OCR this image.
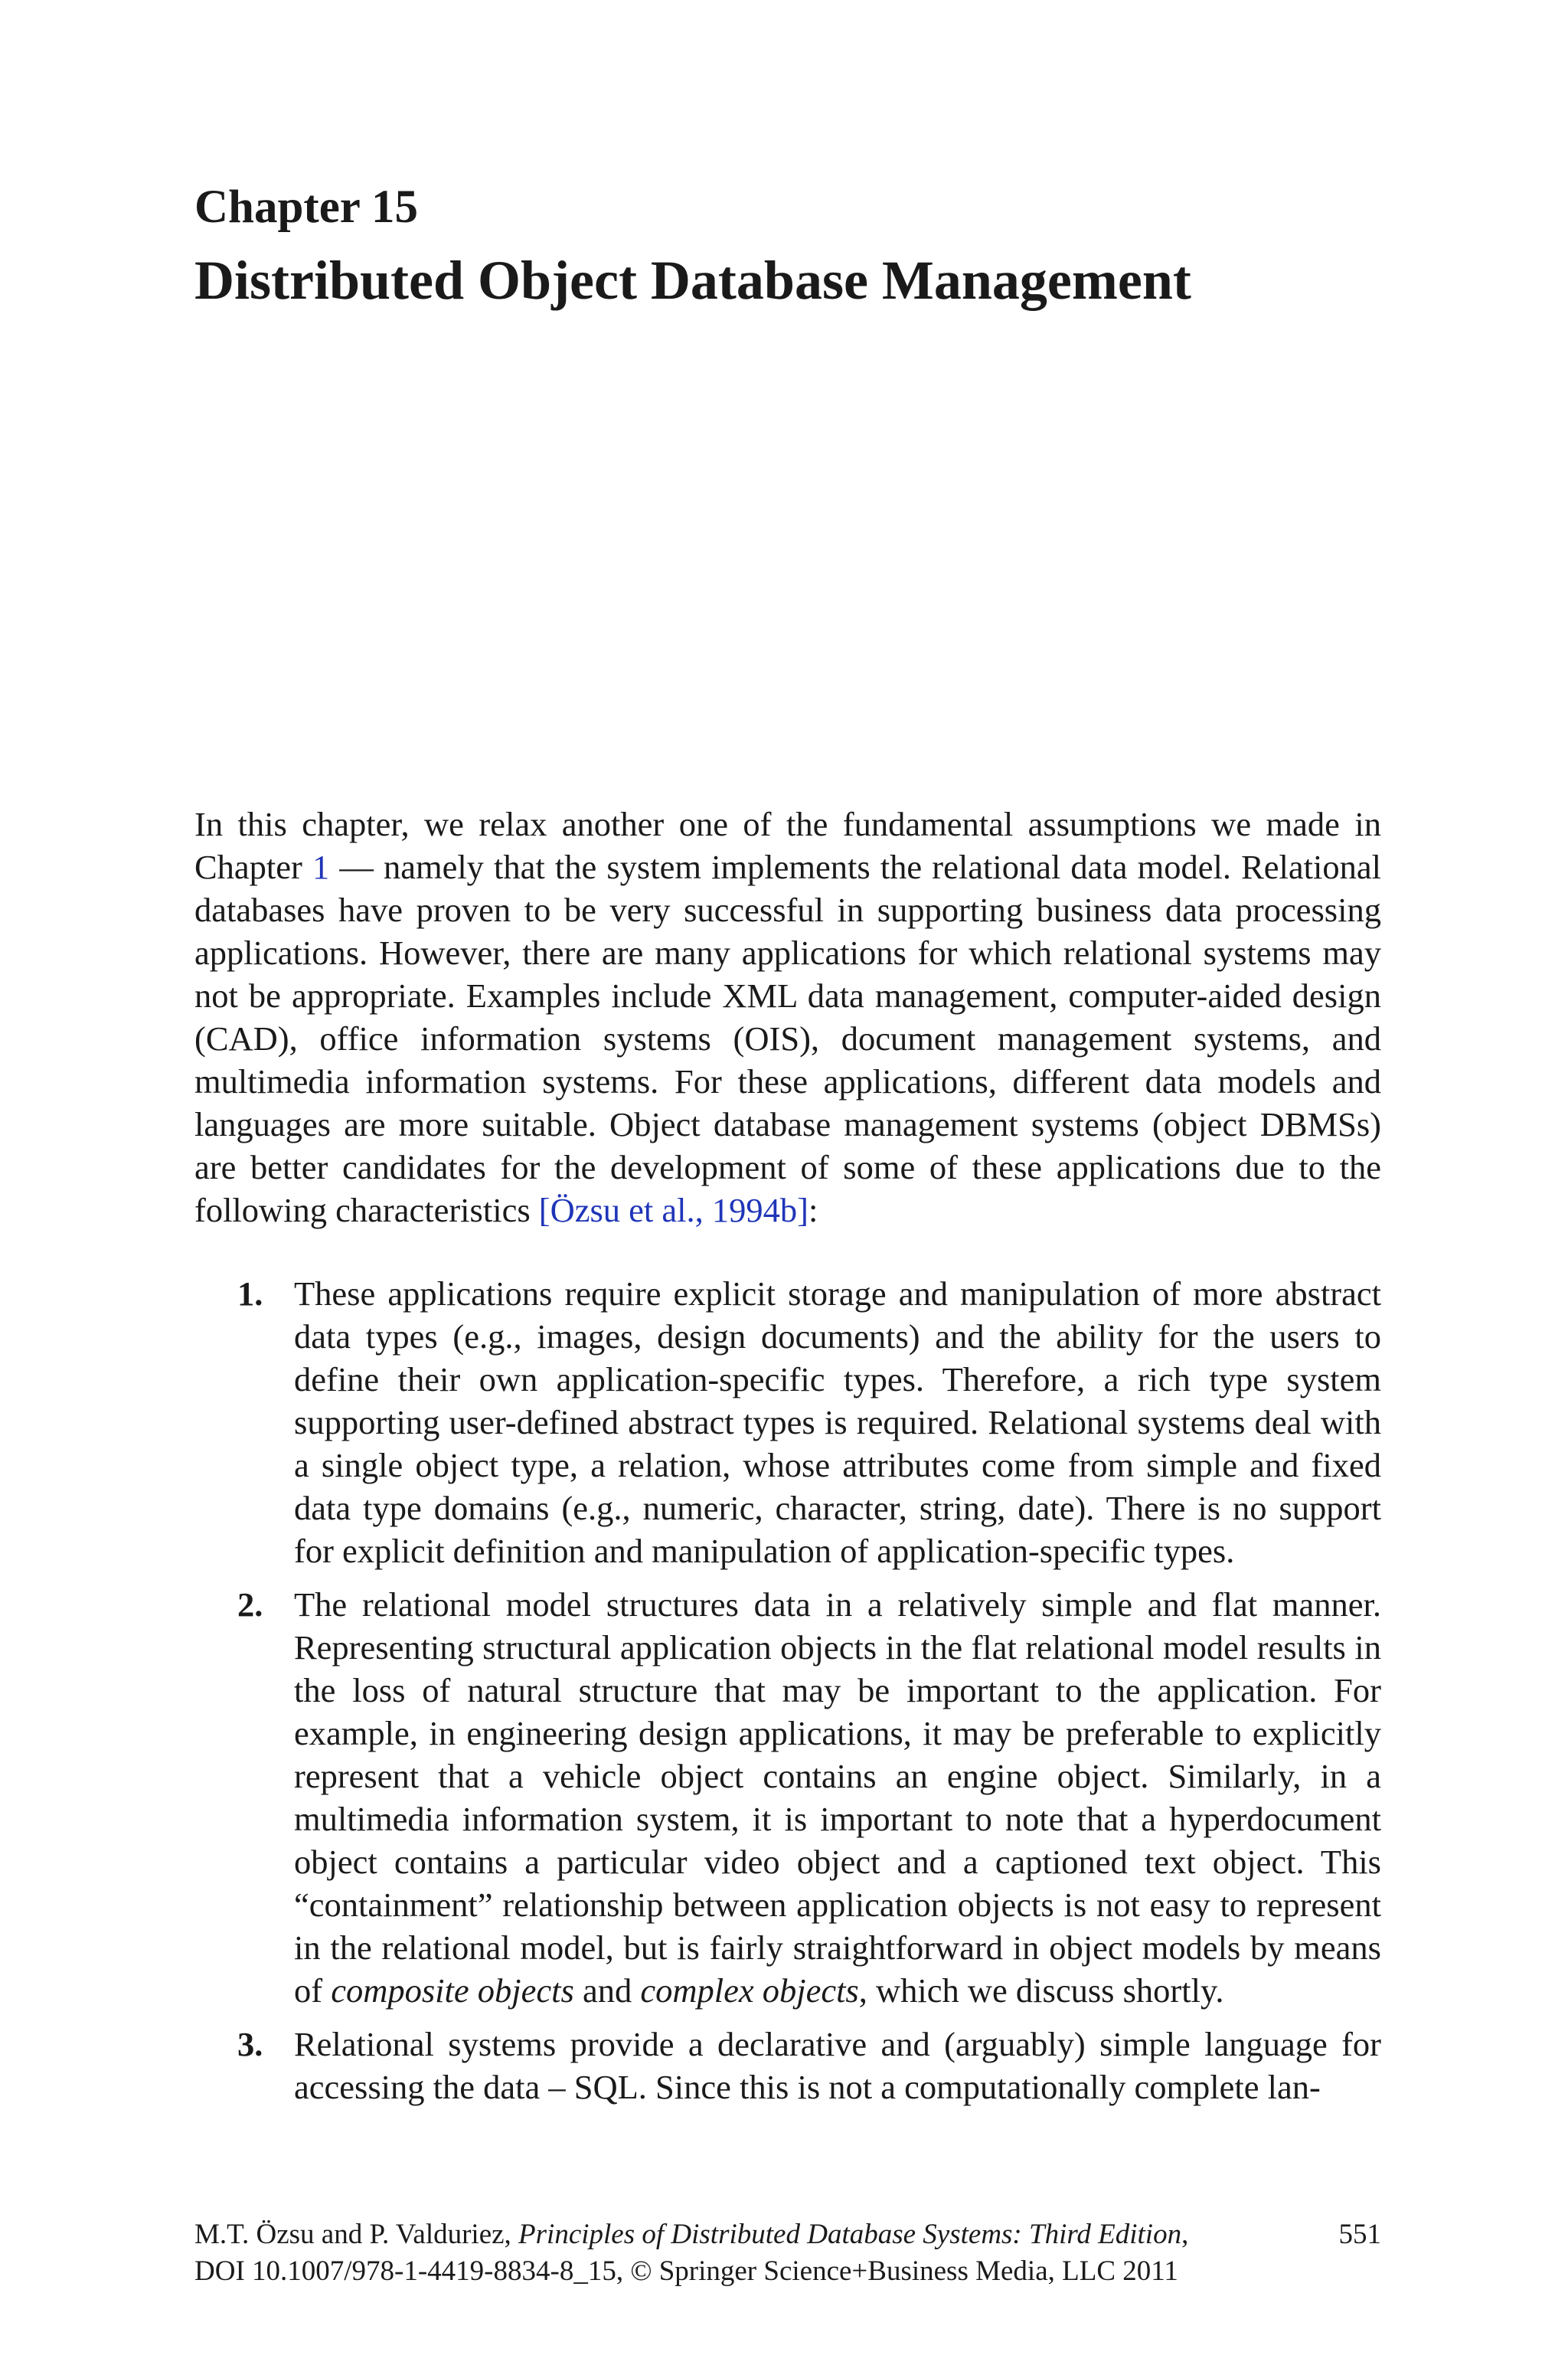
Chapter 15
Distributed Object Database Management

In this chapter, we relax another one of the fundamental assumptions we made in Chapter 1 — namely that the system implements the relational data model. Relational databases have proven to be very successful in supporting business data processing applications. However, there are many applications for which relational systems may not be appropriate. Examples include XML data management, computer-aided design (CAD), office information systems (OIS), document management systems, and multimedia information systems. For these applications, different data models and languages are more suitable. Object database management systems (object DBMSs) are better candidates for the development of some of these applications due to the following characteristics [Özsu et al., 1994b]:

1. These applications require explicit storage and manipulation of more abstract data types (e.g., images, design documents) and the ability for the users to define their own application-specific types. Therefore, a rich type system supporting user-defined abstract types is required. Relational systems deal with a single object type, a relation, whose attributes come from simple and fixed data type domains (e.g., numeric, character, string, date). There is no support for explicit definition and manipulation of application-specific types.
2. The relational model structures data in a relatively simple and flat manner. Representing structural application objects in the flat relational model results in the loss of natural structure that may be important to the application. For example, in engineering design applications, it may be preferable to explicitly represent that a vehicle object contains an engine object. Similarly, in a multimedia information system, it is important to note that a hyperdocument object contains a particular video object and a captioned text object. This “containment” relationship between application objects is not easy to represent in the relational model, but is fairly straightforward in object models by means of composite objects and complex objects, which we discuss shortly.
3. Relational systems provide a declarative and (arguably) simple language for accessing the data – SQL. Since this is not a computationally complete lan-
M.T. Özsu and P. Valduriez, Principles of Distributed Database Systems: Third Edition,
DOI 10.1007/978-1-4419-8834-8_15, © Springer Science+Business Media, LLC 2011
551
